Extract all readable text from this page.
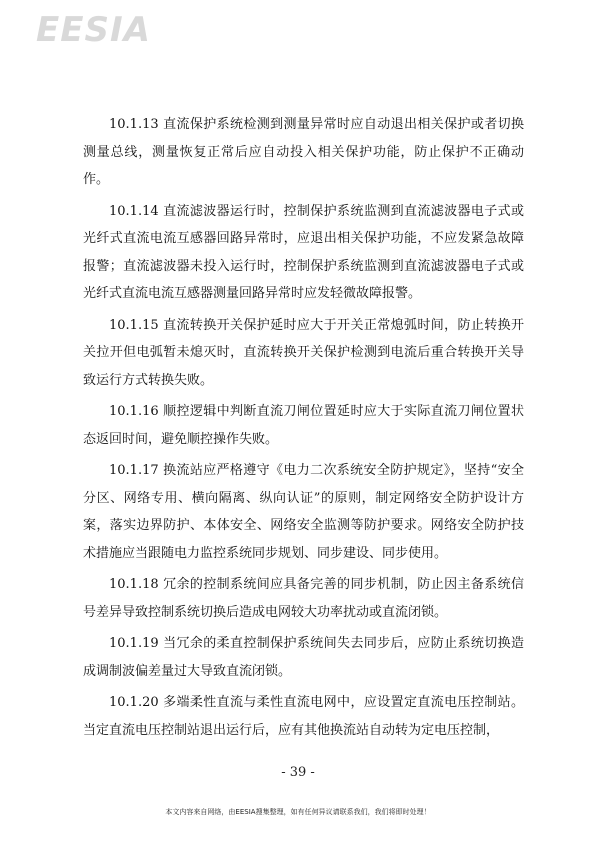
EESIA

10.1.13 直流保护系统检测到测量异常时应自动退出相关保护或者切换测量总线，测量恢复正常后应自动投入相关保护功能，防止保护不正确动作。

10.1.14 直流滤波器运行时，控制保护系统监测到直流滤波器电子式或光纤式直流电流互感器回路异常时，应退出相关保护功能，不应发紧急故障报警；直流滤波器未投入运行时，控制保护系统监测到直流滤波器电子式或光纤式直流电流互感器测量回路异常时应发轻微故障报警。

10.1.15 直流转换开关保护延时应大于开关正常熄弧时间，防止转换开关拉开但电弧暂未熄灭时，直流转换开关保护检测到电流后重合转换开关导致运行方式转换失败。

10.1.16 顺控逻辑中判断直流刀闸位置延时应大于实际直流刀闸位置状态返回时间，避免顺控操作失败。

10.1.17 换流站应严格遵守《电力二次系统安全防护规定》，坚持“安全分区、网络专用、横向隔离、纵向认证”的原则，制定网络安全防护设计方案，落实边界防护、本体安全、网络安全监测等防护要求。网络安全防护技术措施应当跟随电力监控系统同步规划、同步建设、同步使用。

10.1.18 冗余的控制系统间应具备完善的同步机制，防止因主备系统信号差异导致控制系统切换后造成电网较大功率扰动或直流闭锁。

10.1.19 当冗余的柔直控制保护系统间失去同步后，应防止系统切换造成调制波偏差量过大导致直流闭锁。

10.1.20 多端柔性直流与柔性直流电网中，应设置定直流电压控制站。当定直流电压控制站退出运行后，应有其他换流站自动转为定电压控制，

- 39 -
本文内容来自网络，由EESIA搜集整理，如有任何异议请联系我们，我们将即时处理！
